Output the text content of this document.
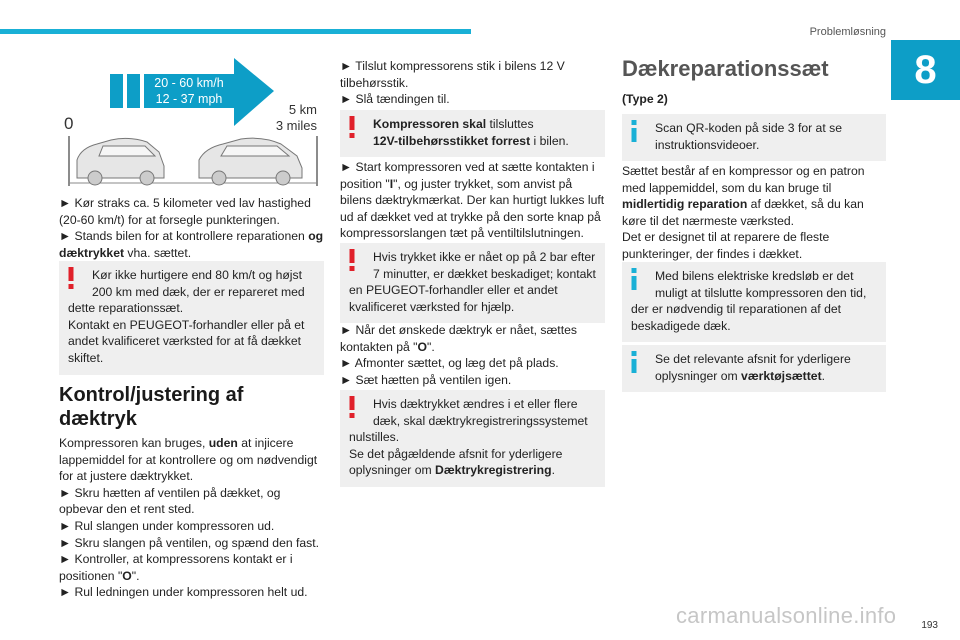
Problemløsning
8
20 - 60 km/h
12 - 37 mph
0
5 km
3 miles

► Kør straks ca. 5 kilometer ved lav hastighed (20-60 km/t) for at forsegle punkteringen.

► Stands bilen for at kontrollere reparationen og dæktrykket vha. sættet.

Kør ikke hurtigere end 80 km/t og højst

200 km med dæk, der er repareret med

dette reparationssæt.

Kontakt en PEUGEOT-forhandler eller på et andet kvalificeret værksted for at få dækket skiftet.

Kontrol/justering af dæktryk

Kompressoren kan bruges, uden at injicere lappemiddel for at kontrollere og om nødvendigt for at justere dæktrykket.

► Skru hætten af ventilen på dækket, og opbevar den et rent sted.

► Rul slangen under kompressoren ud.

► Skru slangen på ventilen, og spænd den fast.

► Kontroller, at kompressorens kontakt er i positionen "O".

► Rul ledningen under kompressoren helt ud.

► Tilslut kompressorens stik i bilens 12 V tilbehørsstik.

► Slå tændingen til.

Kompressoren skal tilsluttes

12V-tilbehørsstikket forrest i bilen.

► Start kompressoren ved at sætte kontakten i position "I", og juster trykket, som anvist på bilens dæktrykmærkat. Der kan hurtigt lukkes luft ud af dækket ved at trykke på den sorte knap på kompressorslangen tæt på ventiltilslutningen.

Hvis trykket ikke er nået op på 2 bar efter

7 minutter, er dækket beskadiget; kontakt

en PEUGEOT-forhandler eller et andet kvalificeret værksted for hjælp.

► Når det ønskede dæktryk er nået, sættes kontakten på "O".

► Afmonter sættet, og læg det på plads.

► Sæt hætten på ventilen igen.

Hvis dæktrykket ændres i et eller flere

dæk, skal dæktrykregistreringssystemet

nulstilles.

Se det pågældende afsnit for yderligere oplysninger om Dæktrykregistrering.

Dækreparationssæt

(Type 2)

Scan QR-koden på side 3 for at se

instruktionsvideoer.

Sættet består af en kompressor og en patron med lappemiddel, som du kan bruge til midlertidig reparation af dækket, så du kan køre til det nærmeste værksted.

Det er designet til at reparere de fleste punkteringer, der findes i dækket.

Med bilens elektriske kredsløb er det

muligt at tilslutte kompressoren den tid,

der er nødvendig til reparationen af det beskadigede dæk.

Se det relevante afsnit for yderligere

oplysninger om værktøjsættet.

carmanualsonline.info 193
